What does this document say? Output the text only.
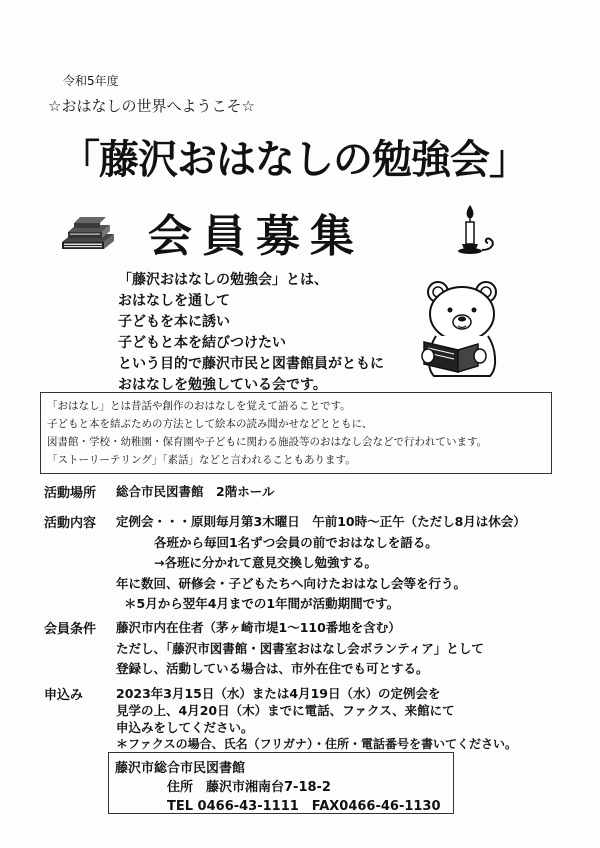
令和5年度
☆おはなしの世界へようこそ☆
「藤沢おはなしの勉強会」
会員募集
「藤沢おはなしの勉強会」とは、
おはなしを通して
子どもを本に誘い
子どもと本を結びつけたい
という目的で藤沢市民と図書館員がともに
おはなしを勉強している会です。
「おはなし」とは昔話や創作のおはなしを覚えて語ることです。
子どもと本を結ぶための方法として絵本の読み聞かせなどとともに、
図書館・学校・幼稚園・保育園や子どもに関わる施設等のおはなし会などで行われています。
「ストーリーテリング」「素話」などと言われることもあります。
活動場所 総合市民図書館　2階ホール
活動内容 定例会・・・原則毎月第3木曜日　午前10時～正午（ただし8月は休会）
各班から毎回1名ずつ会員の前でおはなしを語る。
→各班に分かれて意見交換し勉強する。
年に数回、研修会・子どもたちへ向けたおはなし会等を行う。
＊5月から翌年4月までの1年間が活動期間です。
会員条件 藤沢市内在住者（茅ヶ崎市堤1～110番地を含む）
ただし、「藤沢市図書館・図書室おはなし会ボランティア」として
登録し、活動している場合は、市外在住でも可とする。
申込み	2023年3月15日（水）または4月19日（水）の定例会を
見学の上、4月20日（木）までに電話、ファクス、来館にて
申込みをしてください。
＊ファクスの場合、氏名（フリガナ）・住所・電話番号を書いてください。
藤沢市総合市民図書館
住所　藤沢市湘南台7-18-2
TEL 0466-43-1111　FAX0466-46-1130
